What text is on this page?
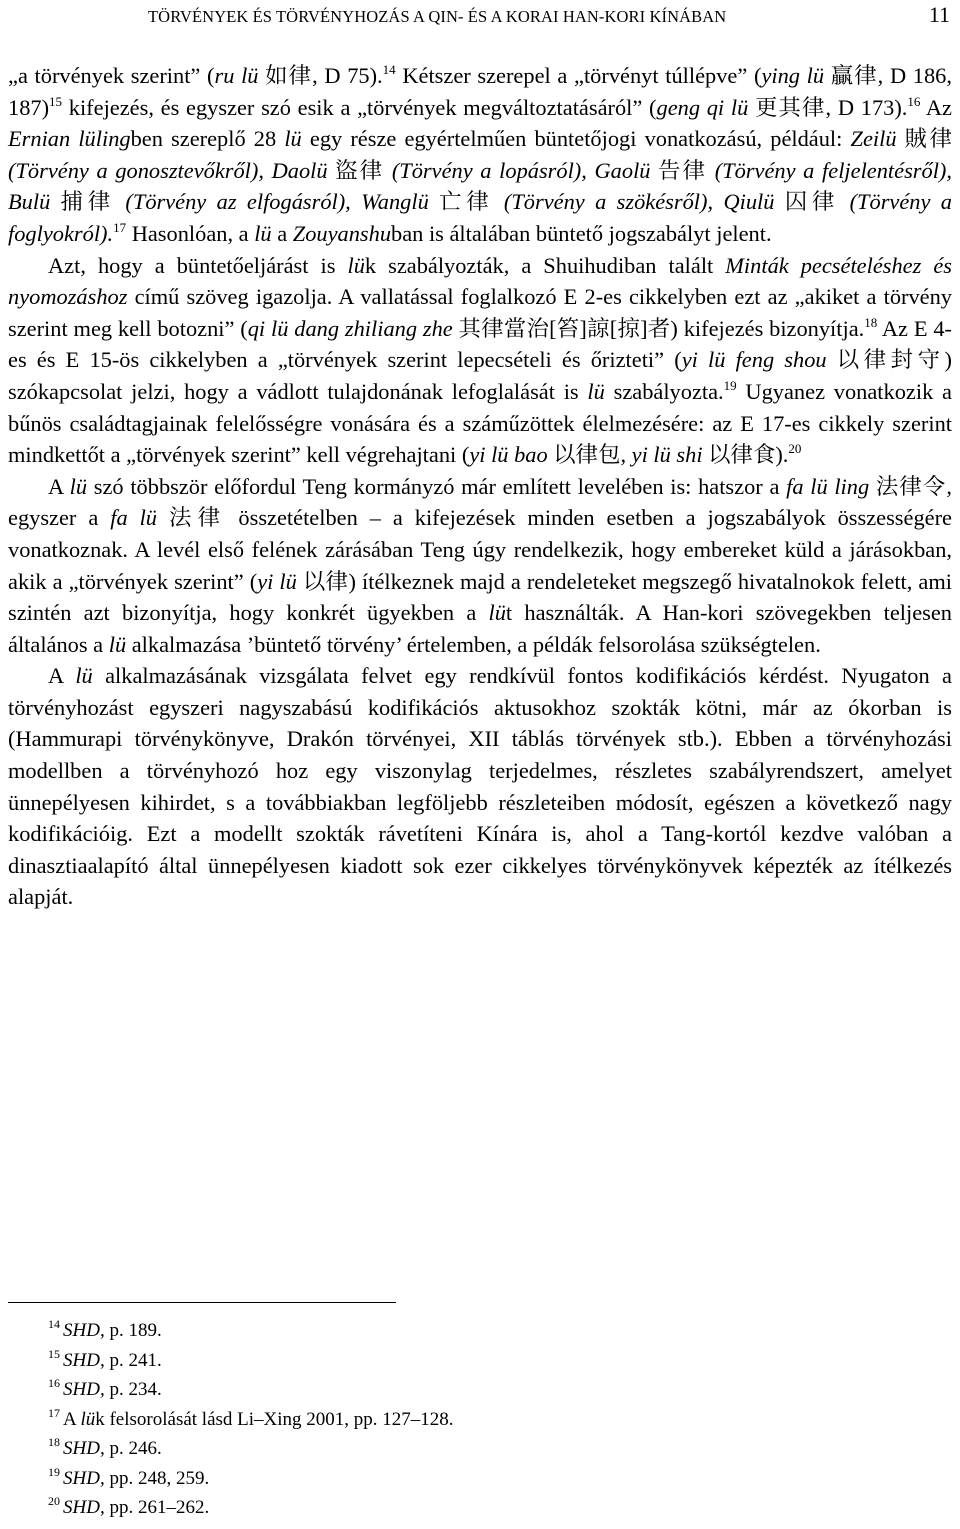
TÖRVÉNYEK ÉS TÖRVÉNYHOZÁS A QIN- ÉS A KORAI HAN-KORI KÍNÁBAN	11

„a törvények szerint” (ru lü 如律, D 75).$^{14}$ Kétszer szerepel a „törvényt túllépve” (ying lü 贏律, D 186, 187)$^{15}$ kifejezés, és egyszer szó esik a „törvények megváltoztatásáról” (geng qi lü 更其律, D 173).$^{16}$ Az Ernian lülingben szereplő 28 lü egy része egyértelműen büntetőjogi vonatkozású, például: Zeilü 賊律 (Törvény a gonosztevőkről), Daolü 盜律 (Törvény a lopásról), Gaolü 告律 (Törvény a feljelentésről), Bulü 捕律 (Törvény az elfogásról), Wanglü 亡律 (Törvény a szökésről), Qiulü 囚律 (Törvény a foglyokról).$^{17}$ Hasonlóan, a lü a Zouyanshuban is általában büntető jogszabályt jelent.

Azt, hogy a büntetőeljárást is lük szabályozták, a Shuihudiban talált Minták pecsételéshez és nyomozáshoz című szöveg igazolja. A vallatással foglalkozó E 2-es cikkelyben ezt az „akiket a törvény szerint meg kell botozni” (qi lü dang zhiliang zhe 其律當治[笞]諒[掠]者) kifejezés bizonyítja.$^{18}$ Az E 4-es és E 15-ös cikkelyben a „törvények szerint lepecsételi és őrizteti” (yi lü feng shou 以律封守) szókapcsolat jelzi, hogy a vádlott tulajdonának lefoglalását is lü szabályozta.$^{19}$ Ugyanez vonatkozik a bűnös családtagjainak felelősségre vonására és a száműzöttek élelmezésére: az E 17-es cikkely szerint mindkettőt a „törvények szerint” kell végrehajtani (yi lü bao 以律包, yi lü shi 以律食).$^{20}$

A lü szó többször előfordul Teng kormányzó már említett levelében is: hatszor a fa lü ling 法律令, egyszer a fa lü 法律 összetételben – a kifejezések minden esetben a jogszabályok összességére vonatkoznak. A levél első felének zárásában Teng úgy rendelkezik, hogy embereket küld a járásokban, akik a „törvények szerint” (yi lü 以律) ítélkeznek majd a rendeleteket megszegő hivatalnokok felett, ami szintén azt bizonyítja, hogy konkrét ügyekben a lüt használták. A Han-kori szövegekben teljesen általános a lü alkalmazása ’büntető törvény’ értelemben, a példák felsorolása szükségtelen.

A lü alkalmazásának vizsgálata felvet egy rendkívül fontos kodifikációs kérdést. Nyugaton a törvényhozást egyszeri nagyszabású kodifikációs aktusokhoz szokták kötni, már az ókorban is (Hammurapi törvénykönyve, Drakón törvényei, XII táblás törvények stb.). Ebben a törvényhozási modellben a törvényhozó hoz egy viszonylag terjedelmes, részletes szabályrendszert, amelyet ünnepélyesen kihirdet, s a továbbiakban legföljebb részleteiben módosít, egészen a következő nagy kodifikációig. Ezt a modellt szokták rávetíteni Kínára is, ahol a Tang-kortól kezdve valóban a dinasztiaalapító által ünnepélyesen kiadott sok ezer cikkelyes törvénykönyvek képezték az ítélkezés alapját.

$^{14}$ SHD, p. 189.
$^{15}$ SHD, p. 241.
$^{16}$ SHD, p. 234.
$^{17}$ A lük felsorolását lásd Li–Xing 2001, pp. 127–128.
$^{18}$ SHD, p. 246.
$^{19}$ SHD, pp. 248, 259.
$^{20}$ SHD, pp. 261–262.
